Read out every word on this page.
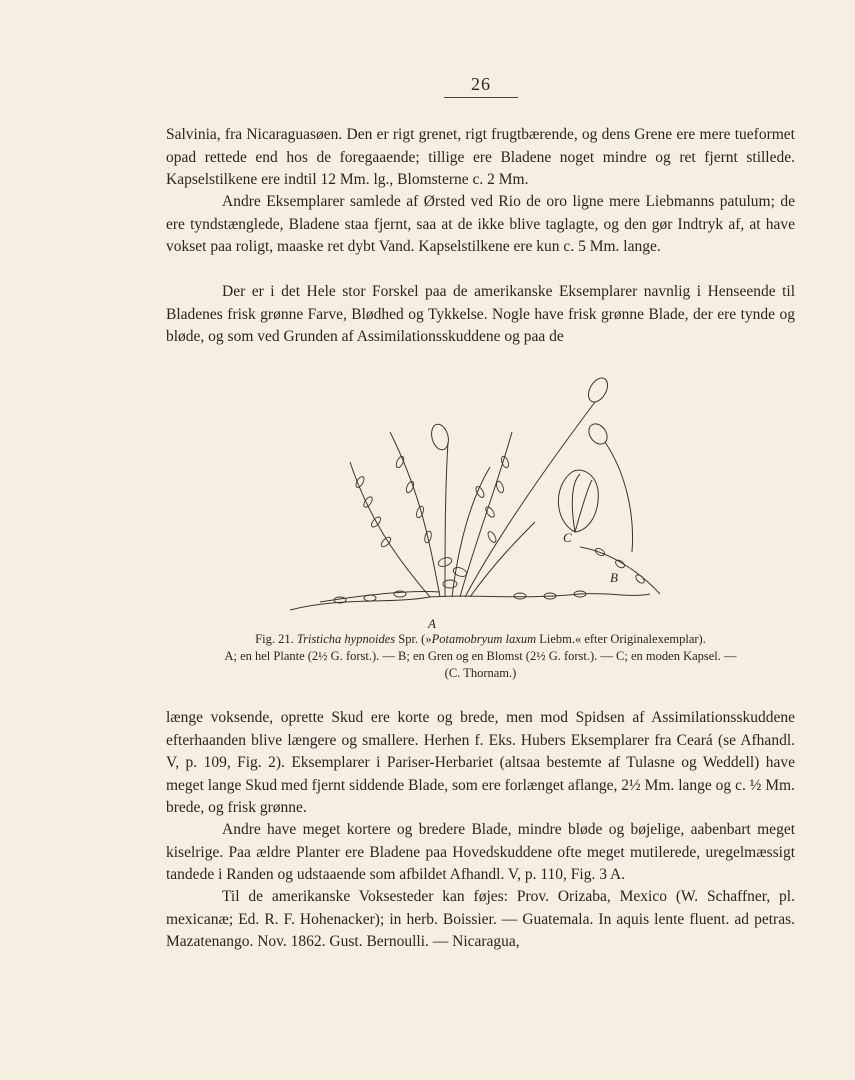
26

Salvinia, fra Nicaraguasøen. Den er rigt grenet, rigt frugtbærende, og dens Grene ere mere tueformet opad rettede end hos de foregaaende; tillige ere Bladene noget mindre og ret fjernt stillede. Kapselstilkene ere indtil 12 Mm. lg., Blomsterne c. 2 Mm.

Andre Eksemplarer samlede af Ørsted ved Rio de oro ligne mere Liebmanns patulum; de ere tyndstænglede, Bladene staa fjernt, saa at de ikke blive taglagte, og den gør Indtryk af, at have vokset paa roligt, maaske ret dybt Vand. Kapselstilkene ere kun c. 5 Mm. lange.

Der er i det Hele stor Forskel paa de amerikanske Eksemplarer navnlig i Henseende til Bladenes frisk grønne Farve, Blødhed og Tykkelse. Nogle have frisk grønne Blade, der ere tynde og bløde, og som ved Grunden af Assimilationsskuddene og paa de

A
B
C
Fig. 21. Tristicha hypnoides Spr. (»Potamobryum laxum Liebm.« efter Originalexemplar).
A; en hel Plante (2½ G. forst.). — B; en Gren og en Blomst (2½ G. forst.). — C; en moden Kapsel. —
(C. Thornam.)

længe voksende, oprette Skud ere korte og brede, men mod Spidsen af Assimilationsskuddene efterhaanden blive længere og smallere. Herhen f. Eks. Hubers Eksemplarer fra Ceará (se Afhandl. V, p. 109, Fig. 2). Eksemplarer i Pariser-Herbariet (altsaa bestemte af Tulasne og Weddell) have meget lange Skud med fjernt siddende Blade, som ere forlænget aflange, 2½ Mm. lange og c. ½ Mm. brede, og frisk grønne.

Andre have meget kortere og bredere Blade, mindre bløde og bøjelige, aabenbart meget kiselrige. Paa ældre Planter ere Bladene paa Hovedskuddene ofte meget mutilerede, uregelmæssigt tandede i Randen og udstaaende som afbildet Afhandl. V, p. 110, Fig. 3 A.

Til de amerikanske Voksesteder kan føjes: Prov. Orizaba, Mexico (W. Schaffner, pl. mexicanæ; Ed. R. F. Hohenacker); in herb. Boissier. — Guatemala. In aquis lente fluent. ad petras. Mazatenango. Nov. 1862. Gust. Bernoulli. — Nicaragua,
